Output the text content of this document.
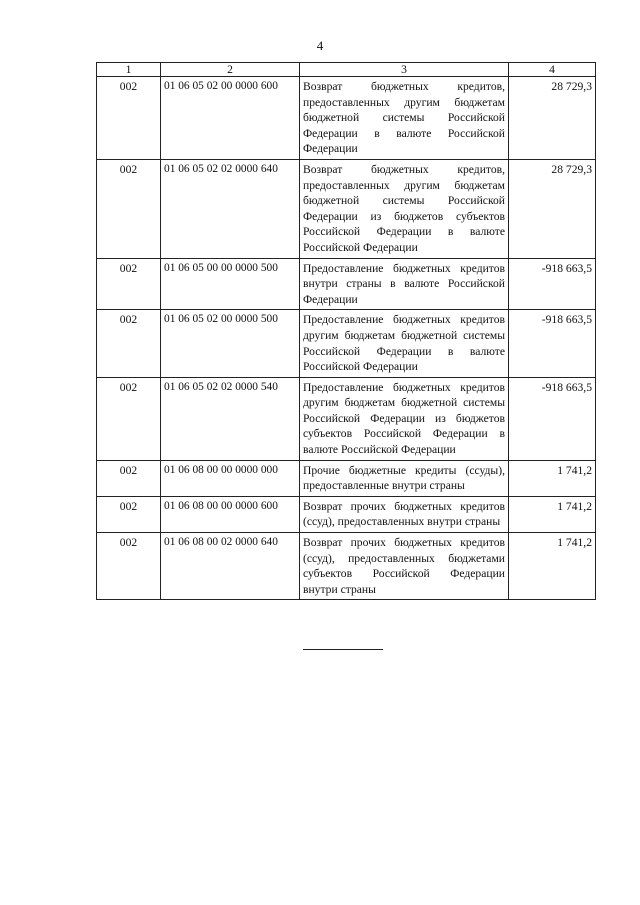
4
1	2	3	4
002	01 06 05 02 00 0000 600	Возврат бюджетных кредитов, предоставленных другим бюджетам бюджетной системы Российской Федерации в валюте Российской Федерации	28 729,3
002	01 06 05 02 02 0000 640	Возврат бюджетных кредитов, предоставленных другим бюджетам бюджетной системы Российской Федерации из бюджетов субъектов Российской Федерации в валюте Российской Федерации	28 729,3
002	01 06 05 00 00 0000 500	Предоставление бюджетных кредитов внутри страны в валюте Российской Федерации	-918 663,5
002	01 06 05 02 00 0000 500	Предоставление бюджетных кредитов другим бюджетам бюджетной системы Российской Федерации в валюте Российской Федерации	-918 663,5
002	01 06 05 02 02 0000 540	Предоставление бюджетных кредитов другим бюджетам бюджетной системы Российской Федерации из бюджетов субъектов Российской Федерации в валюте Российской Федерации	-918 663,5
002	01 06 08 00 00 0000 000	Прочие бюджетные кредиты (ссуды), предоставленные внутри страны	1 741,2
002	01 06 08 00 00 0000 600	Возврат прочих бюджетных кредитов (ссуд), предоставленных внутри страны	1 741,2
002	01 06 08 00 02 0000 640	Возврат прочих бюджетных кредитов (ссуд), предоставленных бюджетами субъектов Российской Федерации внутри страны	1 741,2
